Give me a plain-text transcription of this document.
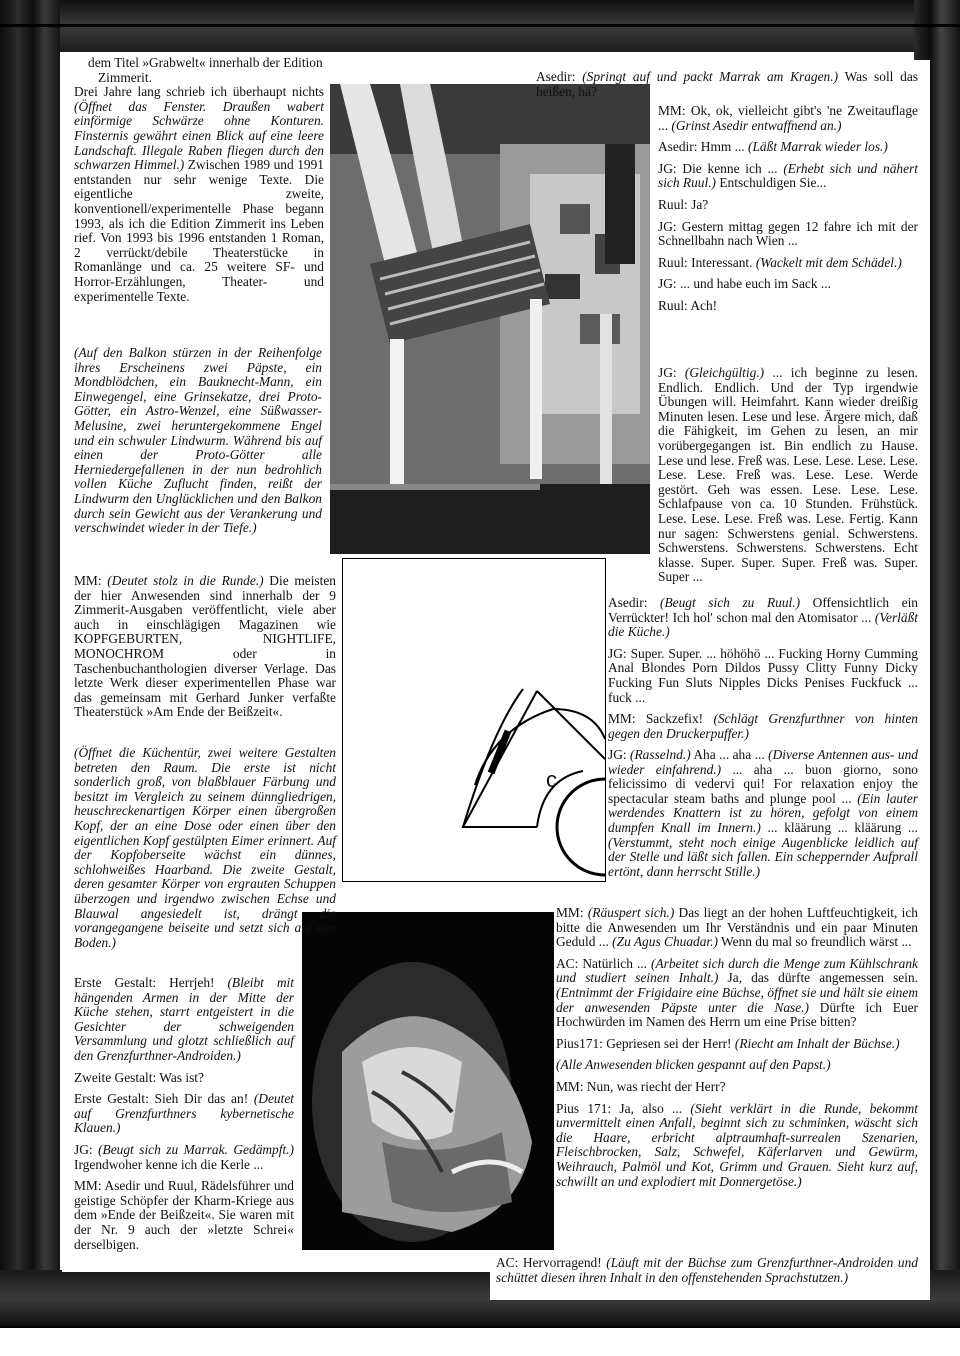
c
dem Titel »Grabwelt« innerhalb der Edition
Zimmerit.

Drei Jahre lang schrieb ich überhaupt nichts (Öffnet das Fenster. Draußen wabert einförmige Schwärze ohne Konturen. Finsternis gewährt einen Blick auf eine leere Landschaft. Illegale Raben fliegen durch den schwarzen Himmel.) Zwischen 1989 und 1991 entstanden nur sehr wenige Texte. Die eigentliche zweite, konventionell/experimentelle Phase begann 1993, als ich die Edition Zimmerit ins Leben rief. Von 1993 bis 1996 entstanden 1 Roman, 2 verrückt/debile Theaterstücke in Romanlänge und ca. 25 weitere SF- und Horror-Erzählungen, Theater- und experimentelle Texte.

(Auf den Balkon stürzen in der Reihenfolge ihres Erscheinens zwei Päpste, ein Mondblödchen, ein Bauknecht-Mann, ein Einwegengel, eine Grinsekatze, drei Proto-Götter, ein Astro-Wenzel, eine Süßwasser-Melusine, zwei heruntergekommene Engel und ein schwuler Lindwurm. Während bis auf einen der Proto-Götter alle Herniedergefallenen in der nun bedrohlich vollen Küche Zuflucht finden, reißt der Lindwurm den Unglücklichen und den Balkon durch sein Gewicht aus der Verankerung und verschwindet wieder in der Tiefe.)

MM: (Deutet stolz in die Runde.) Die meisten der hier Anwesenden sind innerhalb der 9 Zimmerit-Ausgaben veröffentlicht, viele aber auch in einschlägigen Magazinen wie KOPFGEBURTEN, NIGHTLIFE, MONOCHROM oder in Taschenbuchanthologien diverser Verlage. Das letzte Werk dieser experimentellen Phase war das gemeinsam mit Gerhard Junker verfaßte Theaterstück »Am Ende der Beißzeit«.

(Öffnet die Küchentür, zwei weitere Gestalten betreten den Raum. Die erste ist nicht sonderlich groß, von blaßblauer Färbung und besitzt im Vergleich zu seinem dünngliedrigen, heuschreckenartigen Körper einen übergroßen Kopf, der an eine Dose oder einen über den eigentlichen Kopf gestülpten Eimer erinnert. Auf der Kopfoberseite wächst ein dünnes, schlohweißes Haarband. Die zweite Gestalt, deren gesamter Körper von ergrauten Schuppen überzogen und irgendwo zwischen Echse und Blauwal angesiedelt ist, drängt die vorangegangene beiseite und setzt sich auf den Boden.)

Erste Gestalt: Herrjeh! (Bleibt mit hängenden Armen in der Mitte der Küche stehen, starrt entgeistert in die Gesichter der schweigenden Versammlung und glotzt schließlich auf den Grenzfurthner-Androiden.)

Zweite Gestalt: Was ist?

Erste Gestalt: Sieh Dir das an! (Deutet auf Grenzfurthners kybernetische Klauen.)

JG: (Beugt sich zu Marrak. Gedämpft.) Irgendwoher kenne ich die Kerle ...

MM: Asedir und Ruul, Rädelsführer und geistige Schöpfer der Kharm-Kriege aus dem »Ende der Beißzeit«. Sie waren mit der Nr. 9 auch der »letzte Schrei« derselbigen.

Asedir: (Springt auf und packt Marrak am Kragen.) Was soll das heißen, hä?

MM: Ok, ok, vielleicht gibt's 'ne Zweitauflage ... (Grinst Asedir entwaffnend an.)

Asedir: Hmm ... (Läßt Marrak wieder los.)

JG: Die kenne ich ... (Erhebt sich und nähert sich Ruul.) Entschuldigen Sie...

Ruul: Ja?

JG: Gestern mittag gegen 12 fahre ich mit der Schnellbahn nach Wien ...

Ruul: Interessant. (Wackelt mit dem Schädel.)

JG: ... und habe euch im Sack ...

Ruul: Ach!

JG: (Gleichgültig.) ... ich beginne zu lesen. Endlich. Endlich. Und der Typ irgendwie Übungen will. Heimfahrt. Kann wieder dreißig Minuten lesen. Lese und lese. Ärgere mich, daß die Fähigkeit, im Gehen zu lesen, an mir vorübergegangen ist. Bin endlich zu Hause. Lese und lese. Freß was. Lese. Lese. Lese. Lese. Lese. Lese. Freß was. Lese. Lese. Werde gestört. Geh was essen. Lese. Lese. Lese. Schlafpause von ca. 10 Stunden. Frühstück. Lese. Lese. Lese. Freß was. Lese. Fertig. Kann nur sagen: Schwerstens genial. Schwerstens. Schwerstens. Schwerstens. Schwerstens. Echt klasse. Super. Super. Super. Freß was. Super. Super ...

Asedir: (Beugt sich zu Ruul.) Offensichtlich ein Verrückter! Ich hol' schon mal den Atomisator ... (Verläßt die Küche.)

JG: Super. Super. ... höhöhö ... Fucking Horny Cumming Anal Blondes Porn Dildos Pussy Clitty Funny Dicky Fucking Fun Sluts Nipples Dicks Penises Fuckfuck ... fuck ...

MM: Sackzefix! (Schlägt Grenzfurthner von hinten gegen den Druckerpuffer.)

JG: (Rasselnd.) Aha ... aha ... (Diverse Antennen aus- und wieder einfahrend.) ... aha ... buon giorno, sono felicissimo di vedervi qui! For relaxation enjoy the spectacular steam baths and plunge pool ... (Ein lauter werdendes Knattern ist zu hören, gefolgt von einem dumpfen Knall im Innern.) ... kläärung ... kläärung ... (Verstummt, steht noch einige Augenblicke leidlich auf der Stelle und läßt sich fallen. Ein scheppernder Aufprall ertönt, dann herrscht Stille.)

MM: (Räuspert sich.) Das liegt an der hohen Luftfeuchtigkeit, ich bitte die Anwesenden um Ihr Verständnis und ein paar Minuten Geduld ... (Zu Agus Chuadar.) Wenn du mal so freundlich wärst ...

AC: Natürlich ... (Arbeitet sich durch die Menge zum Kühlschrank und studiert seinen Inhalt.) Ja, das dürfte angemessen sein. (Entnimmt der Frigidaire eine Büchse, öffnet sie und hält sie einem der anwesenden Päpste unter die Nase.) Dürfte ich Euer Hochwürden im Namen des Herrn um eine Prise bitten?

Pius171: Gepriesen sei der Herr! (Riecht am Inhalt der Büchse.)

(Alle Anwesenden blicken gespannt auf den Papst.)

MM: Nun, was riecht der Herr?

Pius 171: Ja, also ... (Sieht verklärt in die Runde, bekommt unvermittelt einen Anfall, beginnt sich zu schminken, wäscht sich die Haare, erbricht alptraumhaft-surrealen Szenarien, Fleischbrocken, Salz, Schwefel, Käferlarven und Gewürm, Weihrauch, Palmöl und Kot, Grimm und Grauen. Sieht kurz auf, schwillt an und explodiert mit Donnergetöse.)

AC: Hervorragend! (Läuft mit der Büchse zum Grenzfurthner-Androiden und schüttet diesen ihren Inhalt in den offenstehenden Sprachstutzen.)
